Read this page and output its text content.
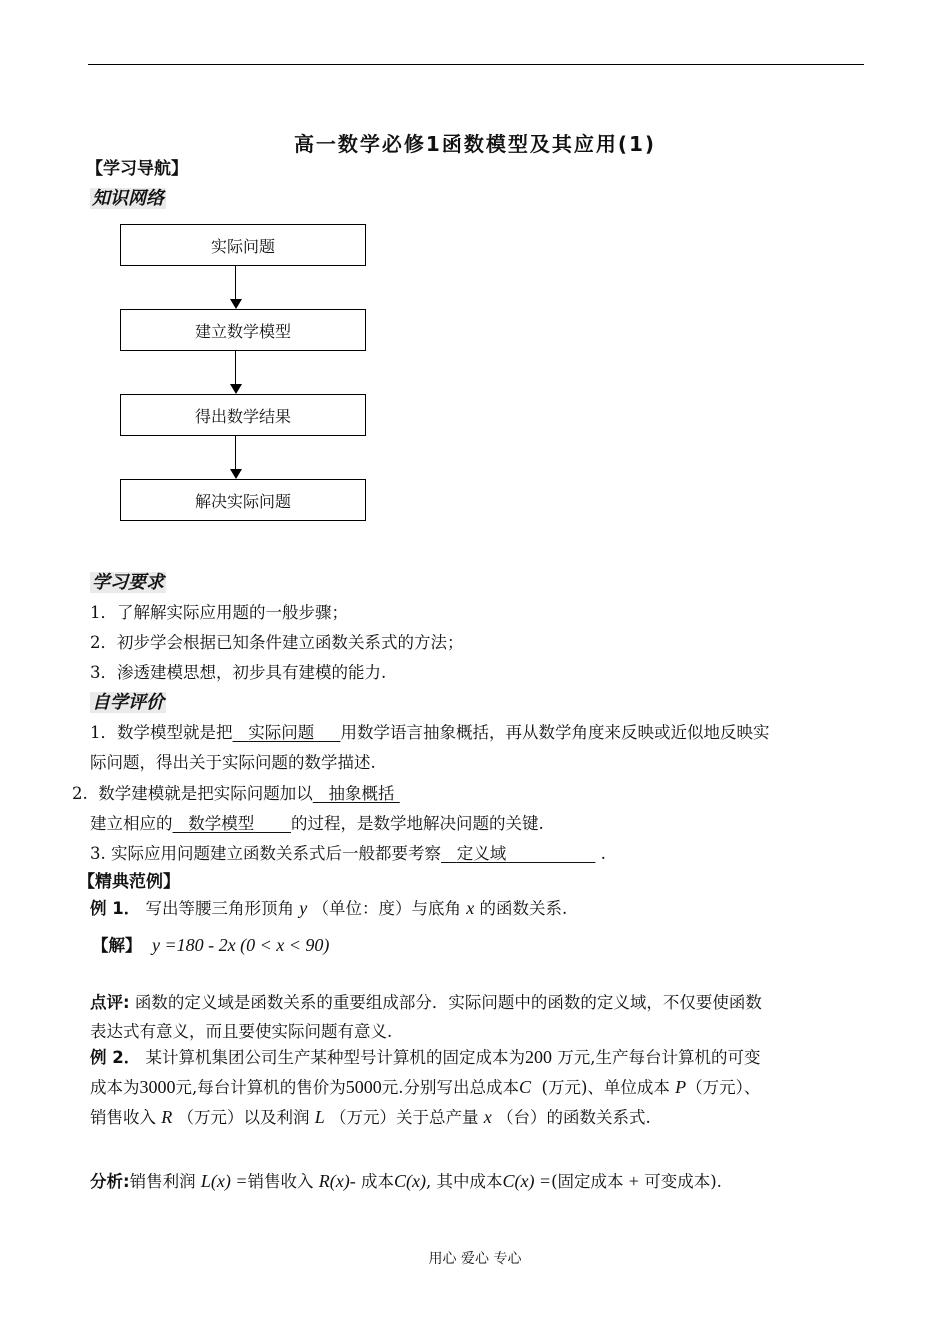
高一数学必修1函数模型及其应用(1)
【学习导航】
知识网络
实际问题
建立数学模型
得出数学结果
解决实际问题
学习要求
1．了解解实际应用题的一般步骤；
2．初步学会根据已知条件建立函数关系式的方法；
3．渗透建模思想，初步具有建模的能力.
自学评价
1．数学模型就是把 实际问题 用数学语言抽象概括，再从数学角度来反映或近似地反映实
际问题，得出关于实际问题的数学描述.
2. 数学建模就是把实际问题加以 抽象概括
建立相应的 数学模型 的过程，是数学地解决问题的关键.
3. 实际应用问题建立函数关系式后一般都要考察 定义域	.
【精典范例】
例 1． 写出等腰三角形顶角 y （单位：度）与底角 x 的函数关系.
【解】 y =180 - 2x (0 < x < 90)
点评: 函数的定义域是函数关系的重要组成部分．实际问题中的函数的定义域，不仅要使函数
表达式有意义，而且要使实际问题有意义.
例 2． 某计算机集团公司生产某种型号计算机的固定成本为200 万元,生产每台计算机的可变
成本为3000元,每台计算机的售价为5000元.分别写出总成本C (万元)、单位成本 P（万元）、
销售收入 R （万元）以及利润 L （万元）关于总产量 x （台）的函数关系式.
分析:销售利润 L(x) =销售收入 R(x)- 成本C(x), 其中成本C(x) =(固定成本 + 可变成本).
用心 爱心 专心
